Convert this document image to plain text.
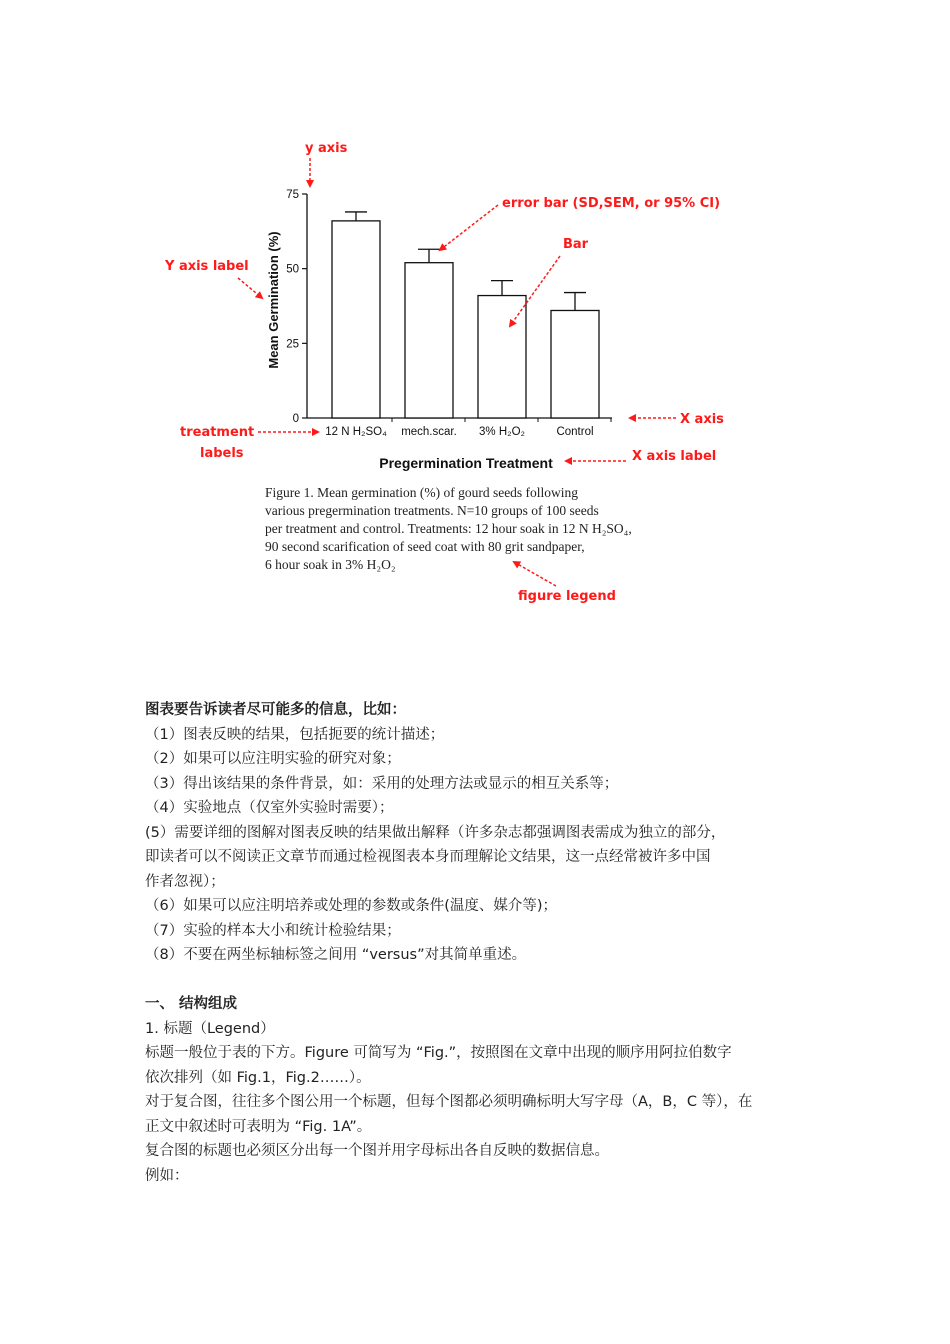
0
25
50
75
12 N H₂SO₄ mech.scar. 3% H₂O₂	Control
Pregermination Treatment
Mean Germination (%)
y axis
Y axis label
error bar (SD,SEM, or 95% CI)
Bar
X axis
X axis label
treatment
labels
figure legend
Figure 1. Mean germination (%) of gourd seeds following
various pregermination treatments. N=10 groups of 100 seeds
per treatment and control. Treatments: 12 hour soak in 12 N H₂SO₄,
90 second scarification of seed coat with 80 grit sandpaper,
6 hour soak in 3% H₂O₂
图表要告诉读者尽可能多的信息，比如：
（1）图表反映的结果，包括扼要的统计描述；
（2）如果可以应注明实验的研究对象；
（3）得出该结果的条件背景，如：采用的处理方法或显示的相互关系等；
（4）实验地点（仅室外实验时需要）；
(5）需要详细的图解对图表反映的结果做出解释（许多杂志都强调图表需成为独立的部分，
即读者可以不阅读正文章节而通过检视图表本身而理解论文结果，这一点经常被许多中国
作者忽视）；
（6）如果可以应注明培养或处理的参数或条件(温度、媒介等)；
（7）实验的样本大小和统计检验结果；
（8）不要在两坐标轴标签之间用 “versus”对其简单重述。
一、 结构组成
1. 标题（Legend）
标题一般位于表的下方。Figure 可简写为 “Fig.”，按照图在文章中出现的顺序用阿拉伯数字
依次排列（如 Fig.1，Fig.2……）。
对于复合图，往往多个图公用一个标题，但每个图都必须明确标明大写字母（A，B，C 等），在
正文中叙述时可表明为 “Fig. 1A”。
复合图的标题也必须区分出每一个图并用字母标出各自反映的数据信息。
例如：
